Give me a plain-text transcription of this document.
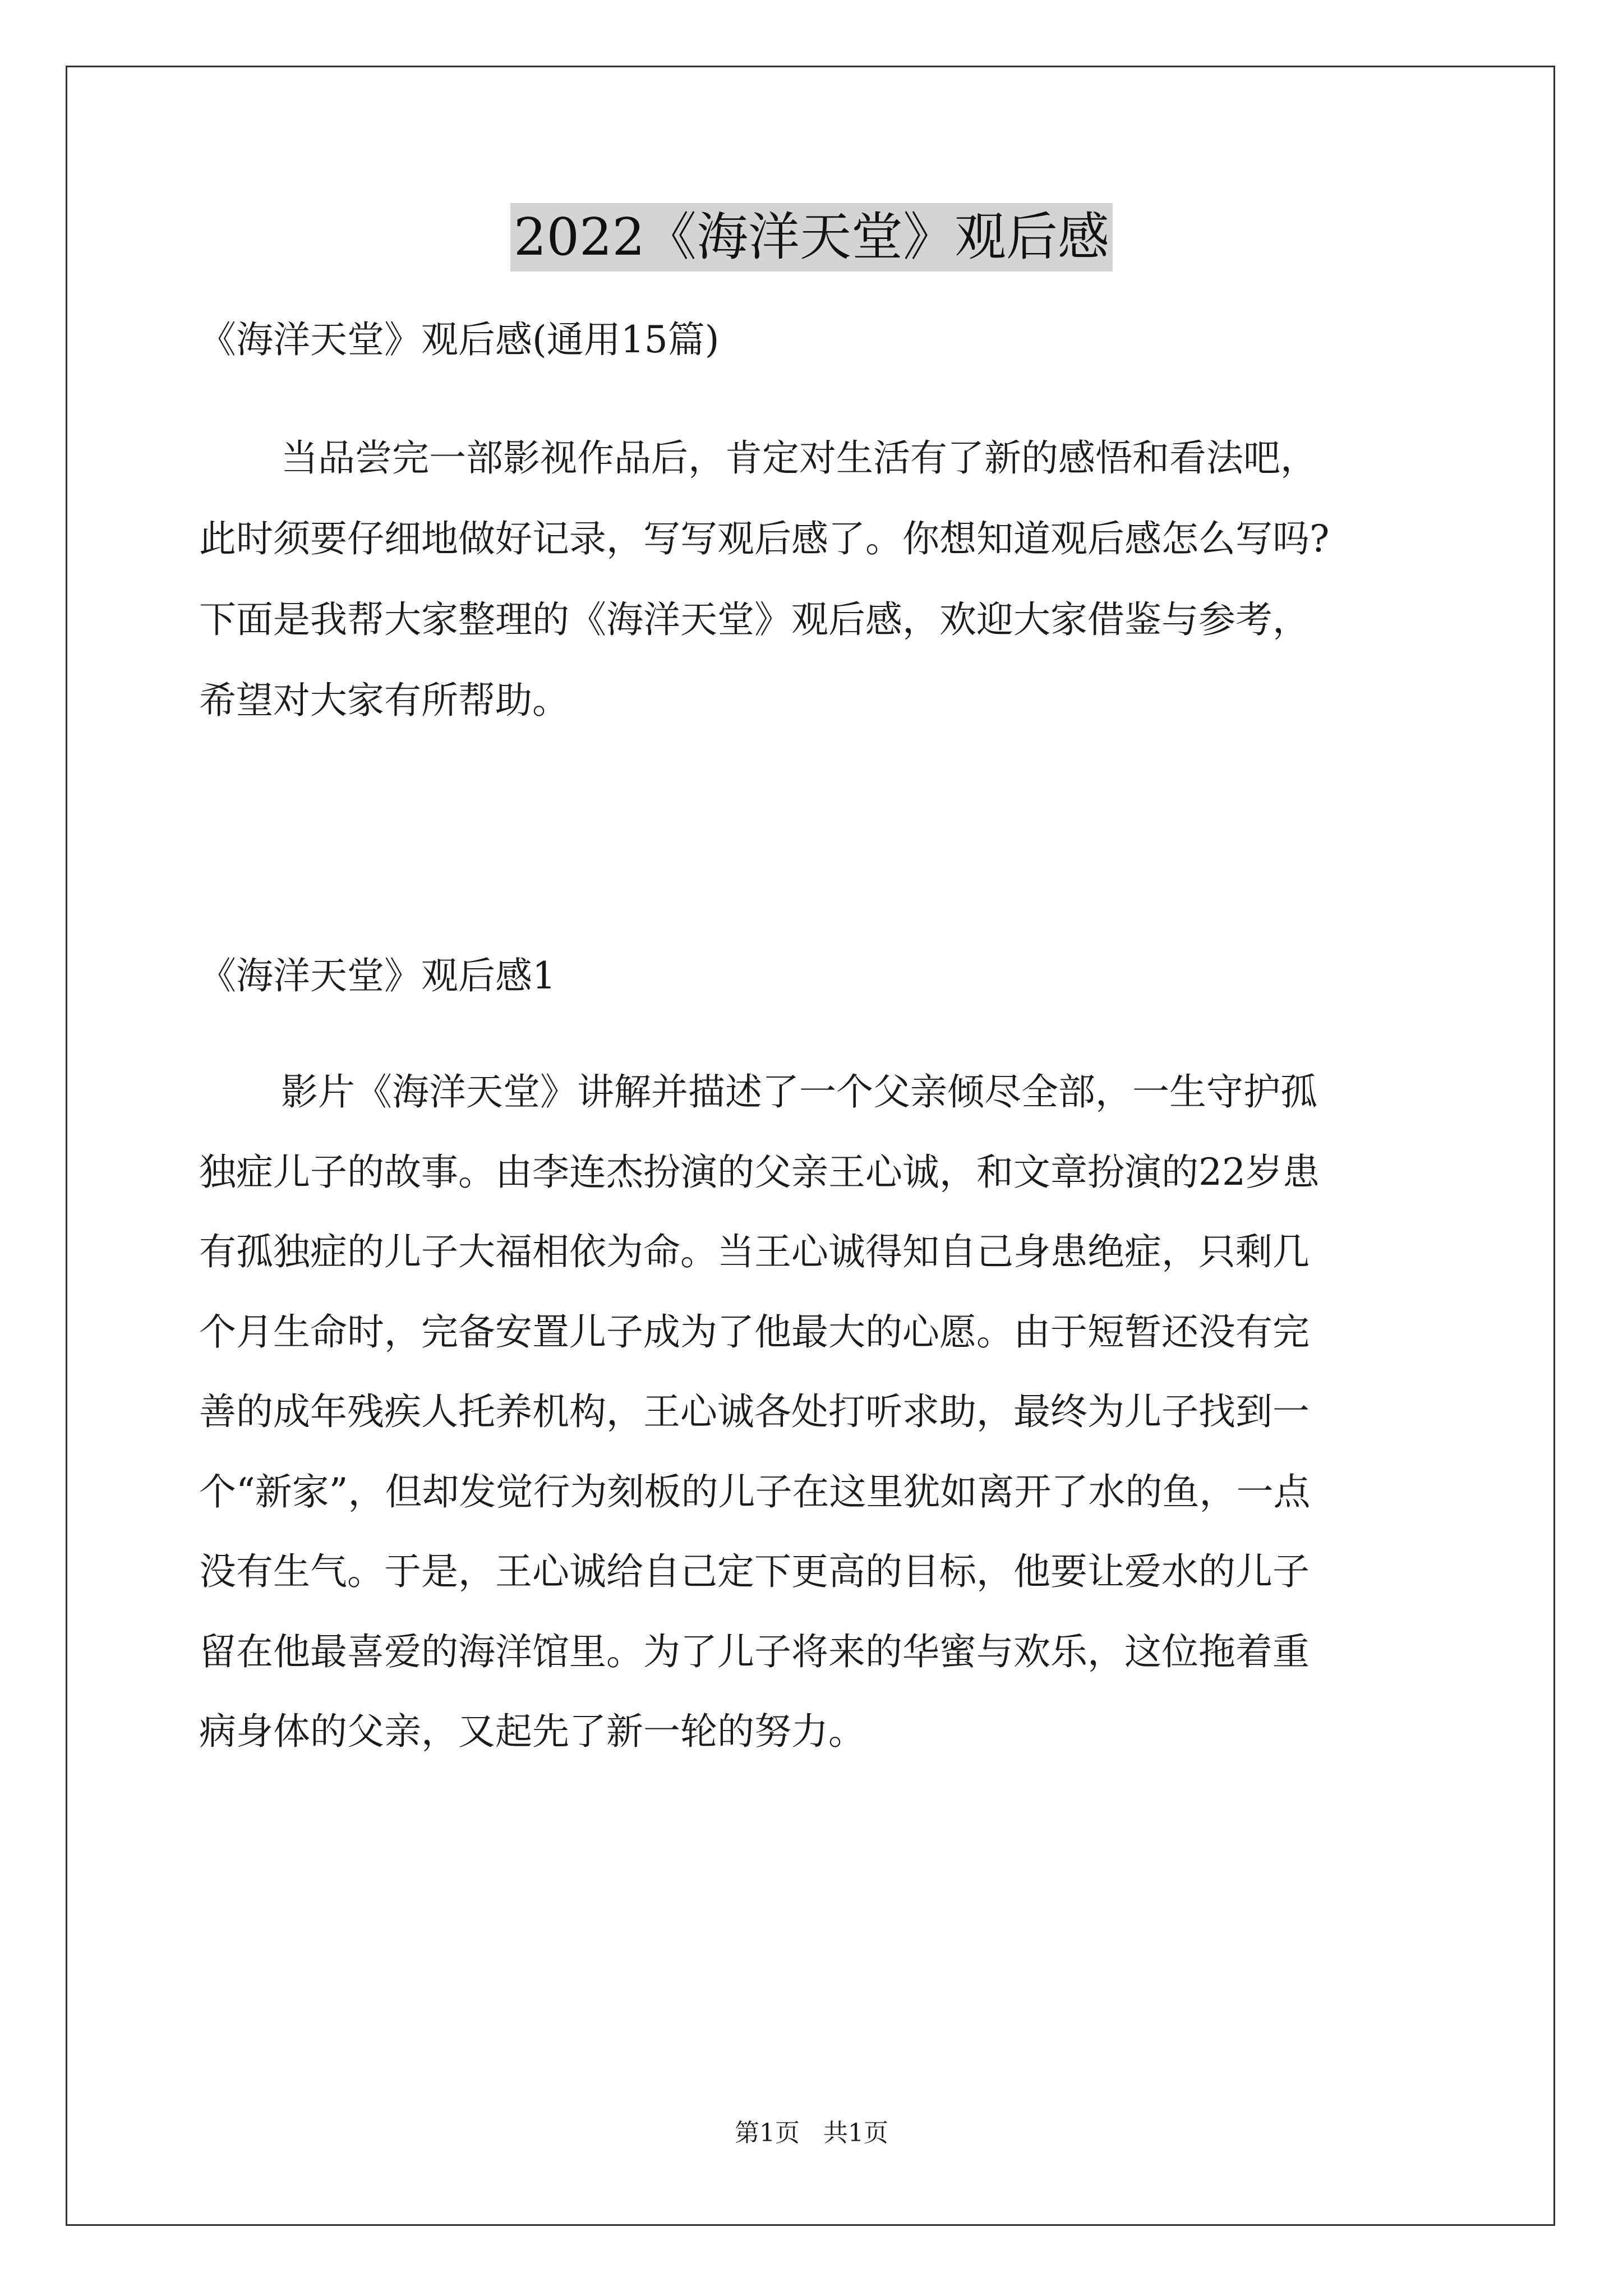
2022《海洋天堂》观后感
《海洋天堂》观后感(通用15篇)
当品尝完一部影视作品后，肯定对生活有了新的感悟和看法吧，
此时须要仔细地做好记录，写写观后感了。你想知道观后感怎么写吗?
下面是我帮大家整理的《海洋天堂》观后感，欢迎大家借鉴与参考，
希望对大家有所帮助。
《海洋天堂》观后感1
影片《海洋天堂》讲解并描述了一个父亲倾尽全部，一生守护孤
独症儿子的故事。由李连杰扮演的父亲王心诚，和文章扮演的22岁患
有孤独症的儿子大福相依为命。当王心诚得知自己身患绝症，只剩几
个月生命时，完备安置儿子成为了他最大的心愿。由于短暂还没有完
善的成年残疾人托养机构，王心诚各处打听求助，最终为儿子找到一
个“新家”，但却发觉行为刻板的儿子在这里犹如离开了水的鱼，一点
没有生气。于是，王心诚给自己定下更高的目标，他要让爱水的儿子
留在他最喜爱的海洋馆里。为了儿子将来的华蜜与欢乐，这位拖着重
病身体的父亲，又起先了新一轮的努力。
第1页 共1页
